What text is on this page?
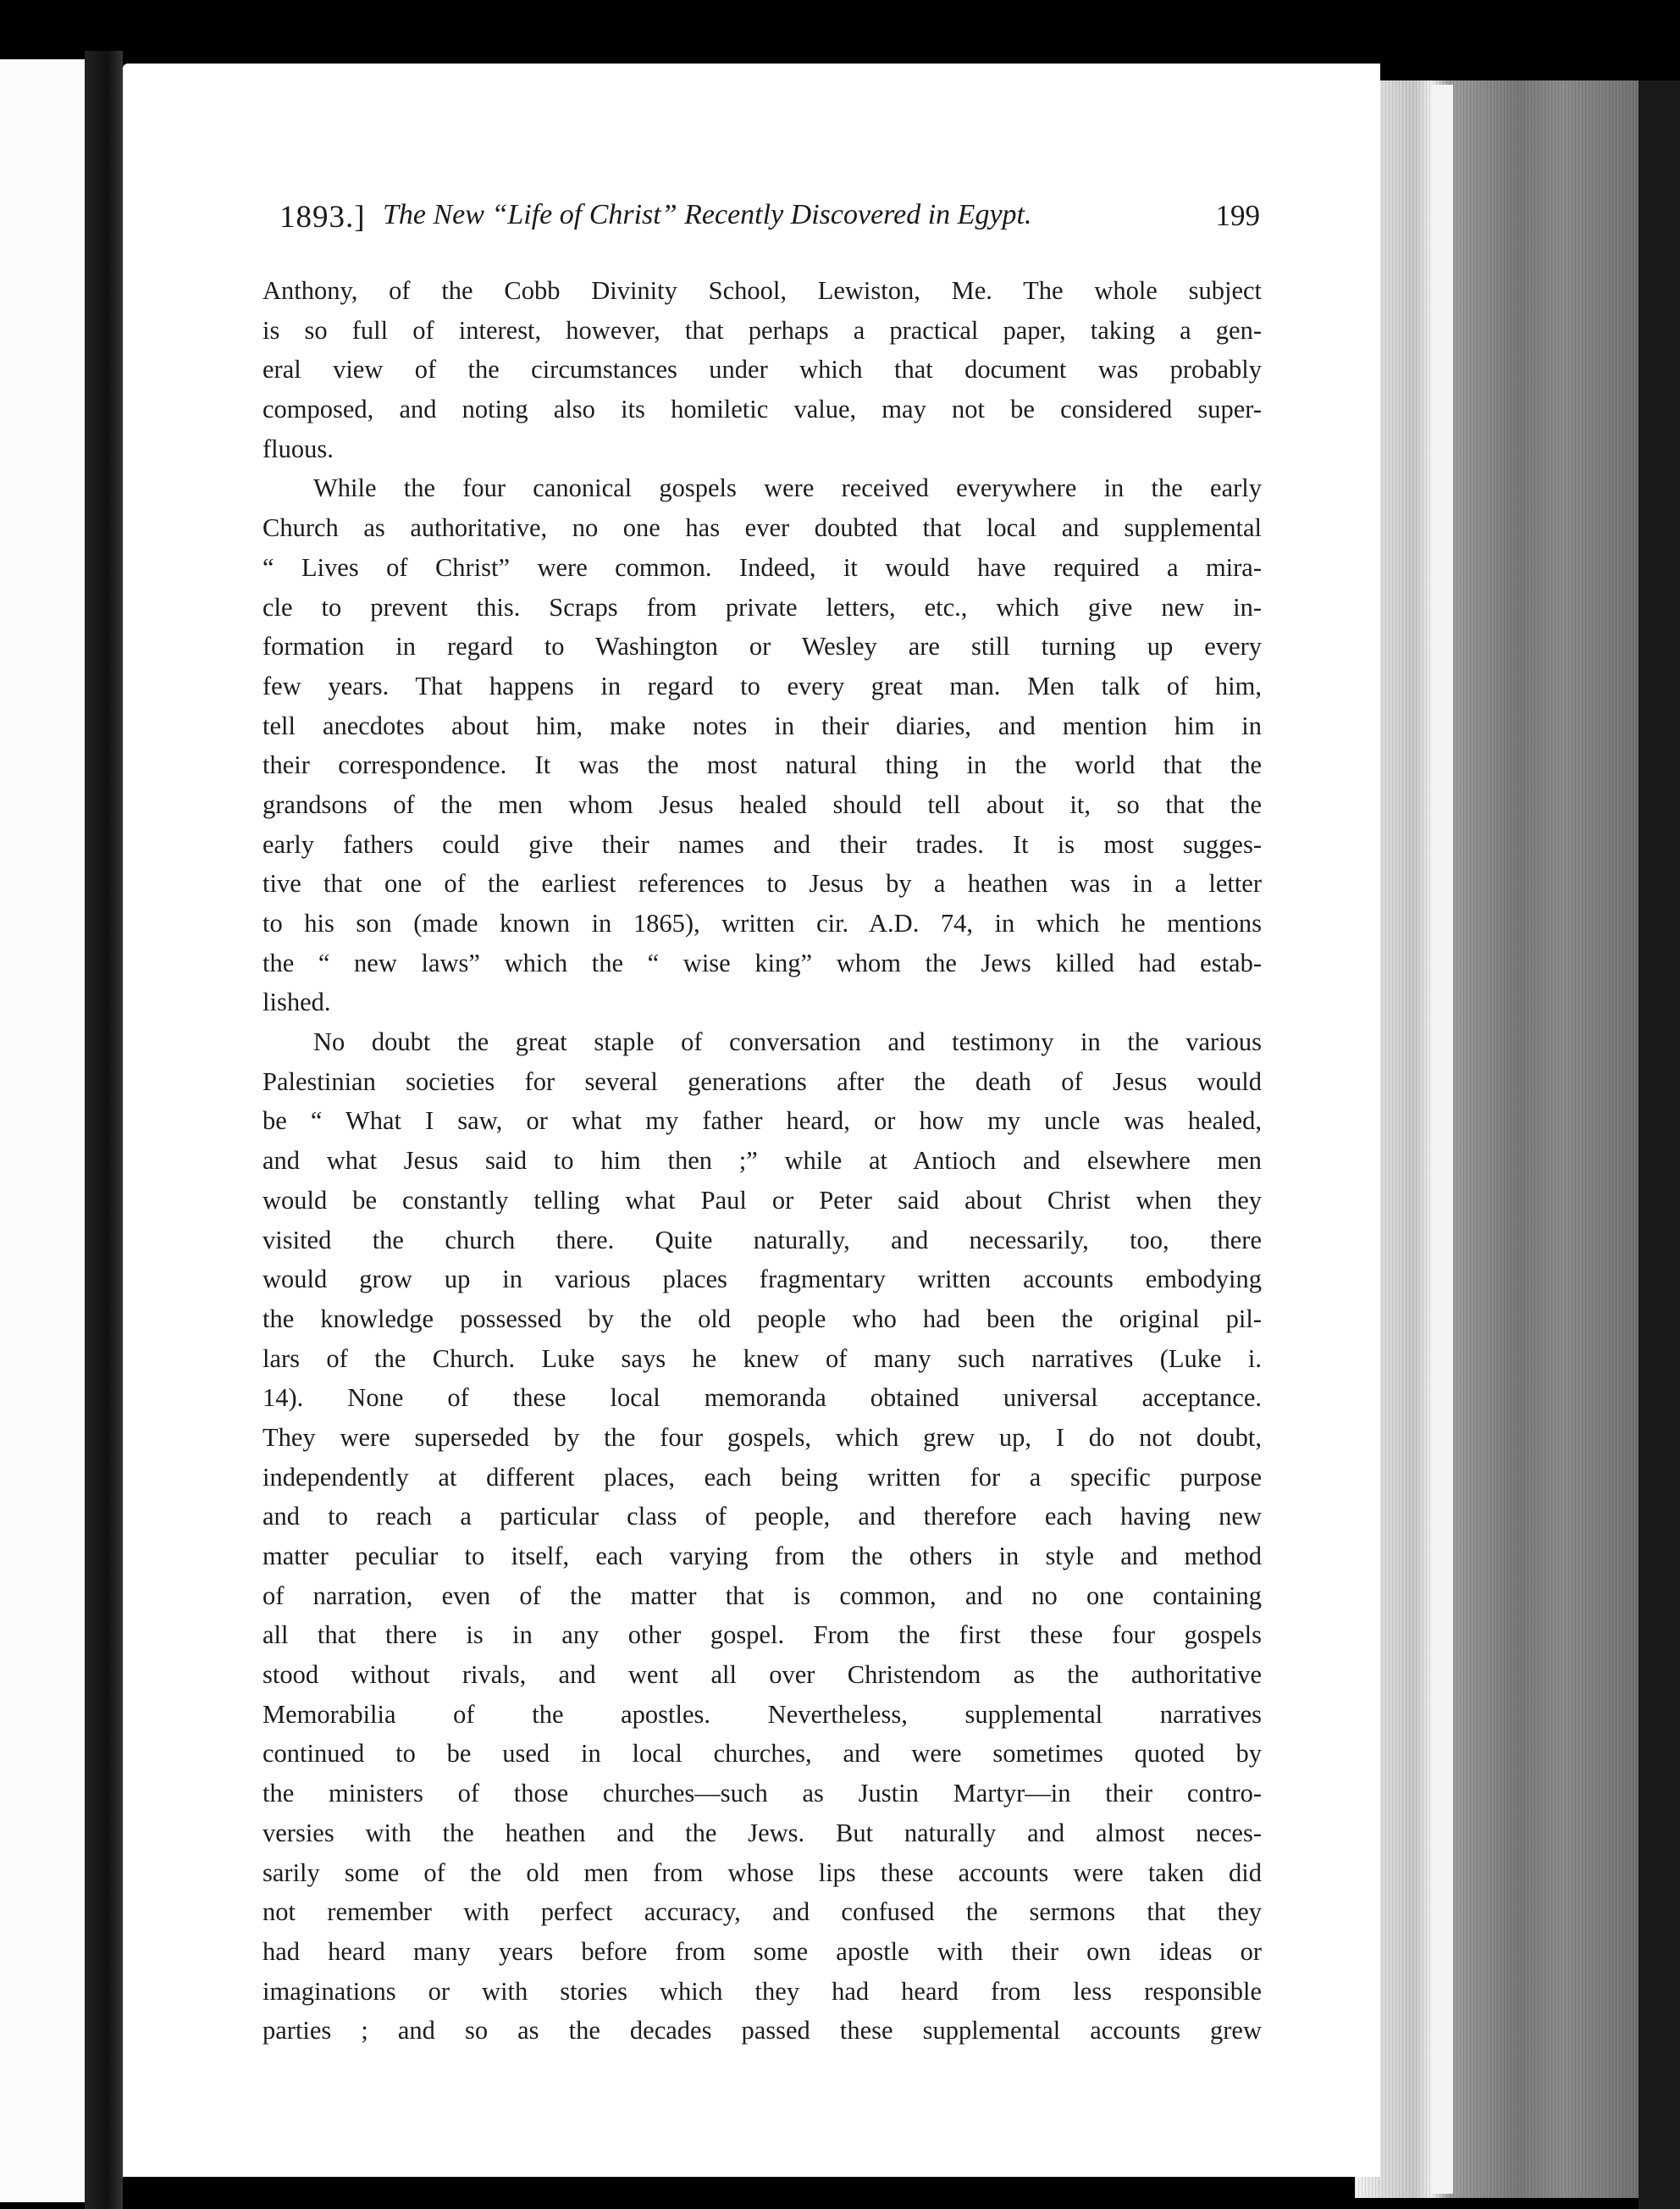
1893.] The New “Life of Christ” Recently Discovered in Egypt.	199
Anthony, of the Cobb Divinity School, Lewiston, Me. The whole subject
is so full of interest, however, that perhaps a practical paper, taking a gen-
eral view of the circumstances under which that document was probably
composed, and noting also its homiletic value, may not be considered super-
fluous.
While the four canonical gospels were received everywhere in the early
Church as authoritative, no one has ever doubted that local and supplemental
“ Lives of Christ” were common. Indeed, it would have required a mira-
cle to prevent this. Scraps from private letters, etc., which give new in-
formation in regard to Washington or Wesley are still turning up every
few years. That happens in regard to every great man. Men talk of him,
tell anecdotes about him, make notes in their diaries, and mention him in
their correspondence. It was the most natural thing in the world that the
grandsons of the men whom Jesus healed should tell about it, so that the
early fathers could give their names and their trades. It is most sugges-
tive that one of the earliest references to Jesus by a heathen was in a letter
to his son (made known in 1865), written cir. A.D. 74, in which he mentions
the “ new laws” which the “ wise king” whom the Jews killed had estab-
lished.
No doubt the great staple of conversation and testimony in the various
Palestinian societies for several generations after the death of Jesus would
be “ What I saw, or what my father heard, or how my uncle was healed,
and what Jesus said to him then ;” while at Antioch and elsewhere men
would be constantly telling what Paul or Peter said about Christ when they
visited the church there. Quite naturally, and necessarily, too, there
would grow up in various places fragmentary written accounts embodying
the knowledge possessed by the old people who had been the original pil-
lars of the Church. Luke says he knew of many such narratives (Luke i.
14). None of these local memoranda obtained universal acceptance.
They were superseded by the four gospels, which grew up, I do not doubt,
independently at different places, each being written for a specific purpose
and to reach a particular class of people, and therefore each having new
matter peculiar to itself, each varying from the others in style and method
of narration, even of the matter that is common, and no one containing
all that there is in any other gospel. From the first these four gospels
stood without rivals, and went all over Christendom as the authoritative
Memorabilia of the apostles. Nevertheless, supplemental narratives
continued to be used in local churches, and were sometimes quoted by
the ministers of those churches—such as Justin Martyr—in their contro-
versies with the heathen and the Jews. But naturally and almost neces-
sarily some of the old men from whose lips these accounts were taken did
not remember with perfect accuracy, and confused the sermons that they
had heard many years before from some apostle with their own ideas or
imaginations or with stories which they had heard from less responsible
parties ; and so as the decades passed these supplemental accounts grew
